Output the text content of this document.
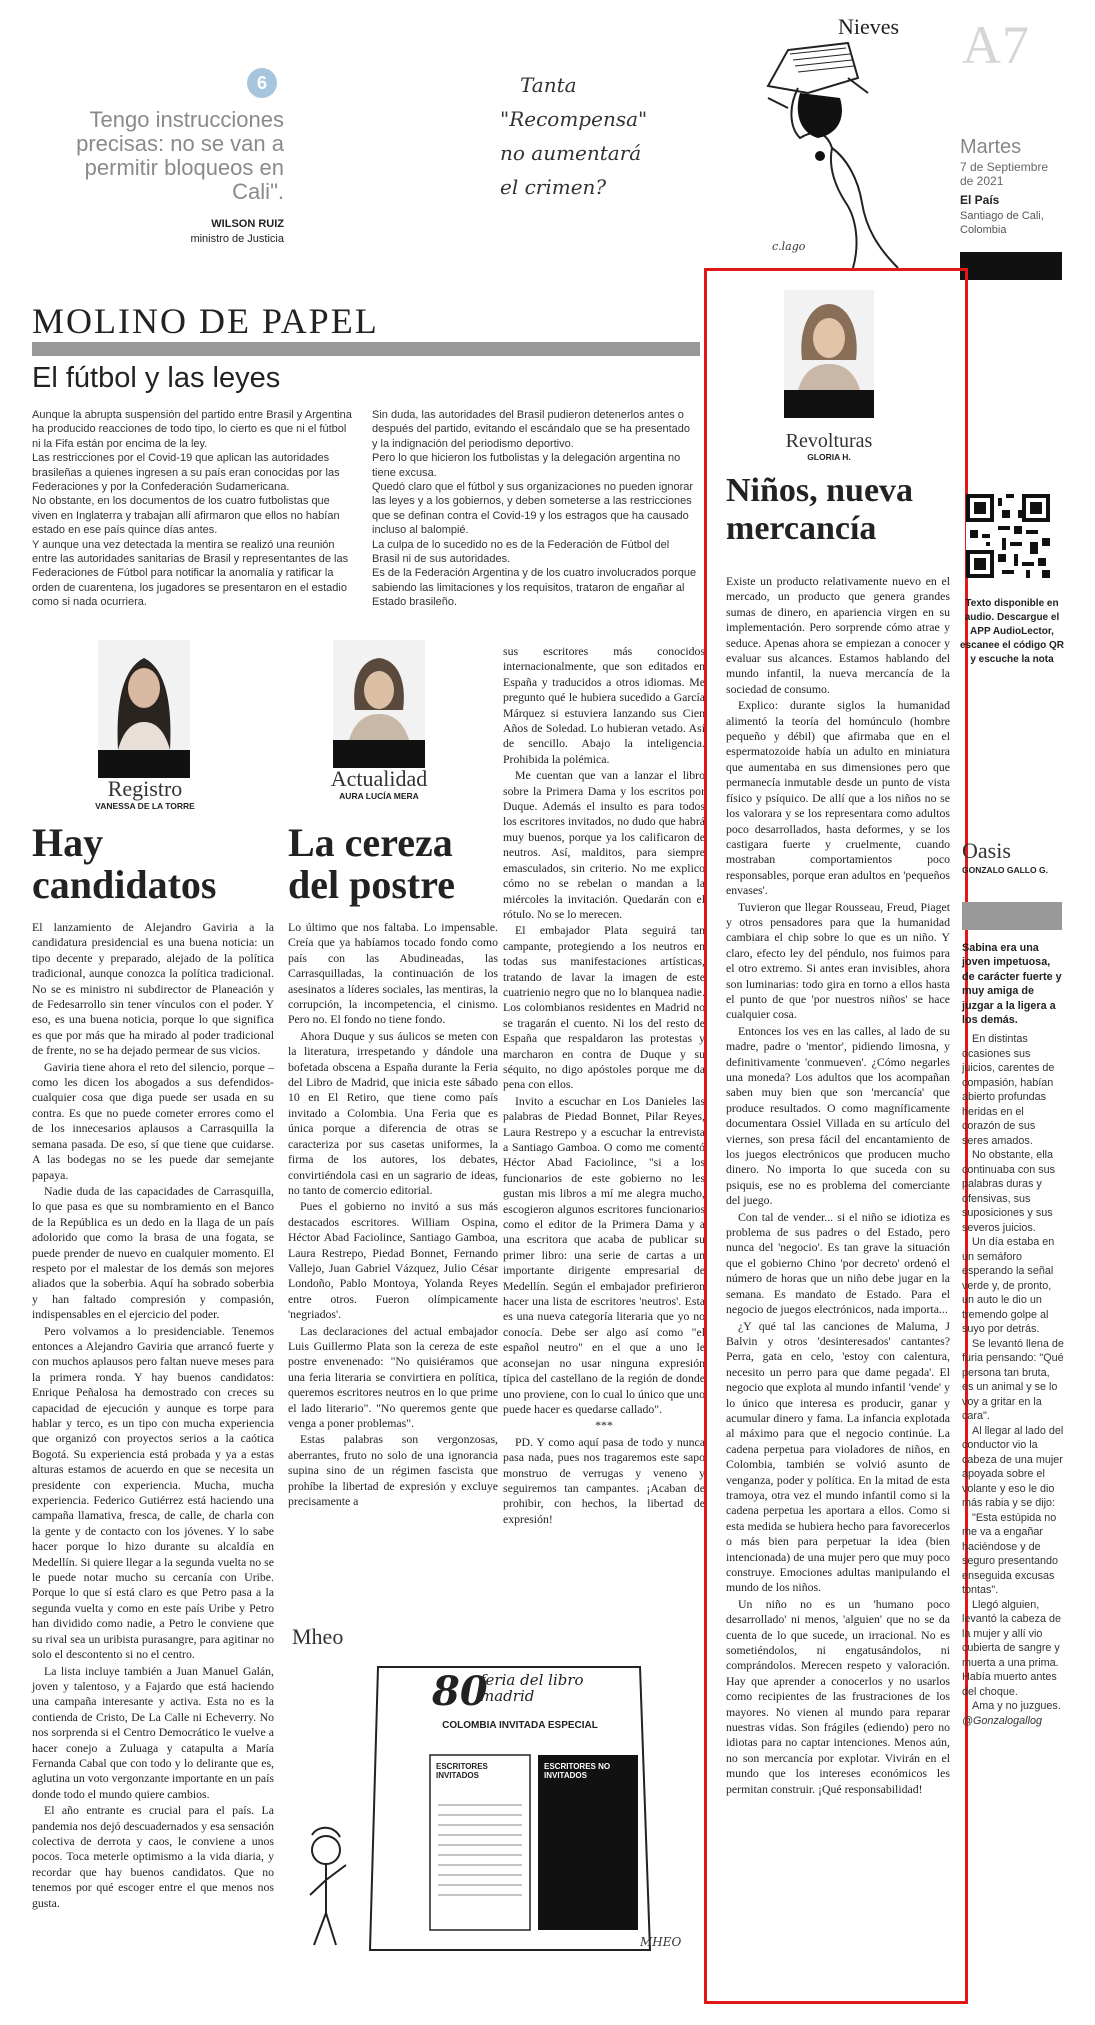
6
Tengo instrucciones precisas: no se van a permitir bloqueos en Cali".
WILSON RUIZ
ministro de Justicia
Tanta
"Recompensa"
no aumentará
el crimen?
Nieves
c.lago
A7
Martes
7 de Septiembre de 2021
El País
Santiago de Cali, Colombia
MOLINO DE PAPEL
El fútbol y las leyes

Aunque la abrupta suspensión del partido entre Brasil y Argentina ha producido reacciones de todo tipo, lo cierto es que ni el fútbol ni la Fifa están por encima de la ley.

Las restricciones por el Covid-19 que aplican las autoridades brasileñas a quienes ingresen a su país eran conocidas por las Federaciones y por la Confederación Sudamericana.

No obstante, en los documentos de los cuatro futbolistas que viven en Inglaterra y trabajan allí afirmaron que ellos no habían estado en ese país quince días antes.

Y aunque una vez detectada la mentira se realizó una reunión entre las autoridades sanitarias de Brasil y representantes de las Federaciones de Fútbol para notificar la anomalía y ratificar la orden de cuarentena, los jugadores se presentaron en el estadio como si nada ocurriera.

Sin duda, las autoridades del Brasil pudieron detenerlos antes o después del partido, evitando el escándalo que se ha presentado y la indignación del periodismo deportivo.

Pero lo que hicieron los futbolistas y la delegación argentina no tiene excusa.

Quedó claro que el fútbol y sus organizaciones no pueden ignorar las leyes y a los gobiernos, y deben someterse a las restricciones que se definan contra el Covid-19 y los estragos que ha causado incluso al balompié.

La culpa de lo sucedido no es de la Federación de Fútbol del Brasil ni de sus autoridades.

Es de la Federación Argentina y de los cuatro involucrados porque sabiendo las limitaciones y los requisitos, trataron de engañar al Estado brasileño.

Registro
VANESSA DE LA TORRE
Hay candidatos

El lanzamiento de Alejandro Gaviria a la candidatura presidencial es una buena noticia: un tipo decente y preparado, alejado de la política tradicional, aunque conozca la política tradicional. No se es ministro ni subdirector de Planeación y de Fedesarrollo sin tener vínculos con el poder. Y eso, es una buena noticia, porque lo que significa es que por más que ha mirado al poder tradicional de frente, no se ha dejado permear de sus vicios.

Gaviria tiene ahora el reto del silencio, porque –como les dicen los abogados a sus defendidos- cualquier cosa que diga puede ser usada en su contra. Es que no puede cometer errores como el de los innecesarios aplausos a Carrasquilla la semana pasada. De eso, sí que tiene que cuidarse. A las bodegas no se les puede dar semejante papaya.

Nadie duda de las capacidades de Carrasquilla, lo que pasa es que su nombramiento en el Banco de la República es un dedo en la llaga de un país adolorido que como la brasa de una fogata, se puede prender de nuevo en cualquier momento. El respeto por el malestar de los demás son mejores aliados que la soberbia. Aquí ha sobrado soberbia y han faltado compresión y compasión, indispensables en el ejercicio del poder.

Pero volvamos a lo presidenciable. Tenemos entonces a Alejandro Gaviria que arrancó fuerte y con muchos aplausos pero faltan nueve meses para la primera ronda. Y hay buenos candidatos: Enrique Peñalosa ha demostrado con creces su capacidad de ejecución y aunque es torpe para hablar y terco, es un tipo con mucha experiencia que organizó con proyectos serios a la caótica Bogotá. Su experiencia está probada y ya a estas alturas estamos de acuerdo en que se necesita un presidente con experiencia. Mucha, mucha experiencia. Federico Gutiérrez está haciendo una campaña llamativa, fresca, de calle, de charla con la gente y de contacto con los jóvenes. Y lo sabe hacer porque lo hizo durante su alcaldía en Medellín. Si quiere llegar a la segunda vuelta no se le puede notar mucho su cercanía con Uribe. Porque lo que sí está claro es que Petro pasa a la segunda vuelta y como en este país Uribe y Petro han dividido como nadie, a Petro le conviene que su rival sea un uribista purasangre, para agitinar no solo el descontento si no el centro.

La lista incluye también a Juan Manuel Galán, joven y talentoso, y a Fajardo que está haciendo una campaña interesante y activa. Esta no es la contienda de Cristo, De La Calle ni Echeverry. No nos sorprenda si el Centro Democrático le vuelve a hacer conejo a Zuluaga y catapulta a María Fernanda Cabal que con todo y lo delirante que es, aglutina un voto vergonzante importante en un país donde todo el mundo quiere cambios.

El año entrante es crucial para el país. La pandemia nos dejó descuadernados y esa sensación colectiva de derrota y caos, le conviene a unos pocos. Toca meterle optimismo a la vida diaria, y recordar que hay buenos candidatos. Que no tenemos por qué escoger entre el que menos nos gusta.

Actualidad
AURA LUCÍA MERA
La cereza del postre

Lo último que nos faltaba. Lo impensable. Creía que ya habíamos tocado fondo como país con las Abudineadas, las Carrasquilladas, la continuación de los asesinatos a líderes sociales, las mentiras, la corrupción, la incompetencia, el cinismo. Pero no. El fondo no tiene fondo.

Ahora Duque y sus áulicos se meten con la literatura, irrespetando y dándole una bofetada obscena a España durante la Feria del Libro de Madrid, que inicia este sábado 10 en El Retiro, que tiene como país invitado a Colombia. Una Feria que es única porque a diferencia de otras se caracteriza por sus casetas uniformes, la firma de los autores, los debates, convirtiéndola casi en un sagrario de ideas, no tanto de comercio editorial.

Pues el gobierno no invitó a sus más destacados escritores. William Ospina, Héctor Abad Faciolince, Santiago Gamboa, Laura Restrepo, Piedad Bonnet, Fernando Vallejo, Juan Gabriel Vázquez, Julio César Londoño, Pablo Montoya, Yolanda Reyes entre otros. Fueron olímpicamente 'negriados'.

Las declaraciones del actual embajador Luis Guillermo Plata son la cereza de este postre envenenado: "No quisiéramos que una feria literaria se convirtiera en política, queremos escritores neutros en lo que prime el lado literario". "No queremos gente que venga a poner problemas".

Estas palabras son vergonzosas, aberrantes, fruto no solo de una ignorancia supina sino de un régimen fascista que prohíbe la libertad de expresión y excluye precisamente a

sus escritores más conocidos internacionalmente, que son editados en España y traducidos a otros idiomas. Me pregunto qué le hubiera sucedido a García Márquez si estuviera lanzando sus Cien Años de Soledad. Lo hubieran vetado. Así de sencillo. Abajo la inteligencia. Prohibida la polémica.

Me cuentan que van a lanzar el libro sobre la Primera Dama y los escritos por Duque. Además el insulto es para todos los escritores invitados, no dudo que habrá muy buenos, porque ya los calificaron de neutros. Así, malditos, para siempre emasculados, sin criterio. No me explico cómo no se rebelan o mandan a la miércoles la invitación. Quedarán con el rótulo. No se lo merecen.

El embajador Plata seguirá tan campante, protegiendo a los neutros en todas sus manifestaciones artísticas, tratando de lavar la imagen de este cuatrienio negro que no lo blanquea nadie. Los colombianos residentes en Madrid no se tragarán el cuento. Ni los del resto de España que respaldaron las protestas y marcharon en contra de Duque y su séquito, no digo apóstoles porque me da pena con ellos.

Invito a escuchar en Los Danieles las palabras de Piedad Bonnet, Pilar Reyes, Laura Restrepo y a escuchar la entrevista a Santiago Gamboa. O como me comentó Héctor Abad Faciolince, "si a los funcionarios de este gobierno no les gustan mis libros a mí me alegra mucho, escogieron algunos escritores funcionarios como el editor de la Primera Dama y a una escritora que acaba de publicar su primer libro: una serie de cartas a un importante dirigente empresarial de Medellín. Según el embajador prefirieron hacer una lista de escritores 'neutros'. Esta es una nueva categoría literaria que yo no conocía. Debe ser algo así como "el español neutro" en el que a uno le aconsejan no usar ninguna expresión típica del castellano de la región de donde uno proviene, con lo cual lo único que uno puede hacer es quedarse callado".

***

PD. Y como aquí pasa de todo y nunca pasa nada, pues nos tragaremos este sapo monstruo de verrugas y veneno y seguiremos tan campantes. ¡Acaban de prohibir, con hechos, la libertad de expresión!

Mheo
80
feria del libro madrid
COLOMBIA INVITADA ESPECIAL
ESCRITORES INVITADOS
ESCRITORES NO INVITADOS
MHEO
Revolturas
GLORIA H.
Niños, nueva mercancía

Existe un producto relativamente nuevo en el mercado, un producto que genera grandes sumas de dinero, en apariencia virgen en su implementación. Pero sorprende cómo atrae y seduce. Apenas ahora se empiezan a conocer y evaluar sus alcances. Estamos hablando del mundo infantil, la nueva mercancía de la sociedad de consumo.

Explico: durante siglos la humanidad alimentó la teoría del homúnculo (hombre pequeño y débil) que afirmaba que en el espermatozoide había un adulto en miniatura que aumentaba en sus dimensiones pero que permanecía inmutable desde un punto de vista físico y psíquico. De allí que a los niños no se los valorara y se los representara como adultos poco desarrollados, hasta deformes, y se los castigara fuerte y cruelmente, cuando mostraban comportamientos poco responsables, porque eran adultos en 'pequeños envases'.

Tuvieron que llegar Rousseau, Freud, Piaget y otros pensadores para que la humanidad cambiara el chip sobre lo que es un niño. Y claro, efecto ley del péndulo, nos fuimos para el otro extremo. Si antes eran invisibles, ahora son luminarias: todo gira en torno a ellos hasta el punto de que 'por nuestros niños' se hace cualquier cosa.

Entonces los ves en las calles, al lado de su madre, padre o 'mentor', pidiendo limosna, y definitivamente 'conmueven'. ¿Cómo negarles una moneda? Los adultos que los acompañan saben muy bien que son 'mercancía' que produce resultados. O como magníficamente documentara Ossiel Villada en su artículo del viernes, son presa fácil del encantamiento de los juegos electrónicos que producen mucho dinero. No importa lo que suceda con su psiquis, ese no es problema del comerciante del juego.

Con tal de vender... si el niño se idiotiza es problema de sus padres o del Estado, pero nunca del 'negocio'. Es tan grave la situación que el gobierno Chino 'por decreto' ordenó el número de horas que un niño debe jugar en la semana. Es mandato de Estado. Para el negocio de juegos electrónicos, nada importa...

¿Y qué tal las canciones de Maluma, J Balvin y otros 'desinteresados' cantantes? Perra, gata en celo, 'estoy con calentura, necesito un perro para que dame pegada'. El negocio que explota al mundo infantil 'vende' y lo único que interesa es producir, ganar y acumular dinero y fama. La infancia explotada al máximo para que el negocio continúe. La cadena perpetua para violadores de niños, en Colombia, también se volvió asunto de venganza, poder y política. En la mitad de esta tramoya, otra vez el mundo infantil como si la cadena perpetua les aportara a ellos. Como si esta medida se hubiera hecho para favorecerlos o más bien para perpetuar la idea (bien intencionada) de una mujer pero que muy poco construye. Emociones adultas manipulando el mundo de los niños.

Un niño no es un 'humano poco desarrollado' ni menos, 'alguien' que no se da cuenta de lo que sucede, un irracional. No es sometiéndolos, ni engatusándolos, ni comprándolos. Merecen respeto y valoración. Hay que aprender a conocerlos y no usarlos como recipientes de las frustraciones de los mayores. No vienen al mundo para reparar nuestras vidas. Son frágiles (ediendo) pero no idiotas para no captar intenciones. Menos aún, no son mercancía por explotar. Vivirán en el mundo que los intereses económicos les permitan construir. ¡Qué responsabilidad!

Texto disponible en audio. Descargue el APP AudioLector, escanee el código QR y escuche la nota
Oasis
GONZALO GALLO G.
Sabina era una joven impetuosa, de carácter fuerte y muy amiga de juzgar a la ligera a los demás.

En distintas ocasiones sus juicios, carentes de compasión, habían abierto profundas heridas en el corazón de sus seres amados.

No obstante, ella continuaba con sus palabras duras y ofensivas, sus suposiciones y sus severos juicios.

Un día estaba en un semáforo esperando la señal verde y, de pronto, un auto le dio un tremendo golpe al suyo por detrás.

Se levantó llena de furia pensando: "Qué persona tan bruta, es un animal y se lo voy a gritar en la cara".

Al llegar al lado del conductor vio la cabeza de una mujer apoyada sobre el volante y eso le dio más rabia y se dijo:

"Esta estúpida no me va a engañar haciéndose y de seguro presentando enseguida excusas tontas".

Llegó alguien, levantó la cabeza de la mujer y allí vio cubierta de sangre y muerta a una prima. Había muerto antes del choque.

Ama y no juzgues.

@Gonzalogallog
